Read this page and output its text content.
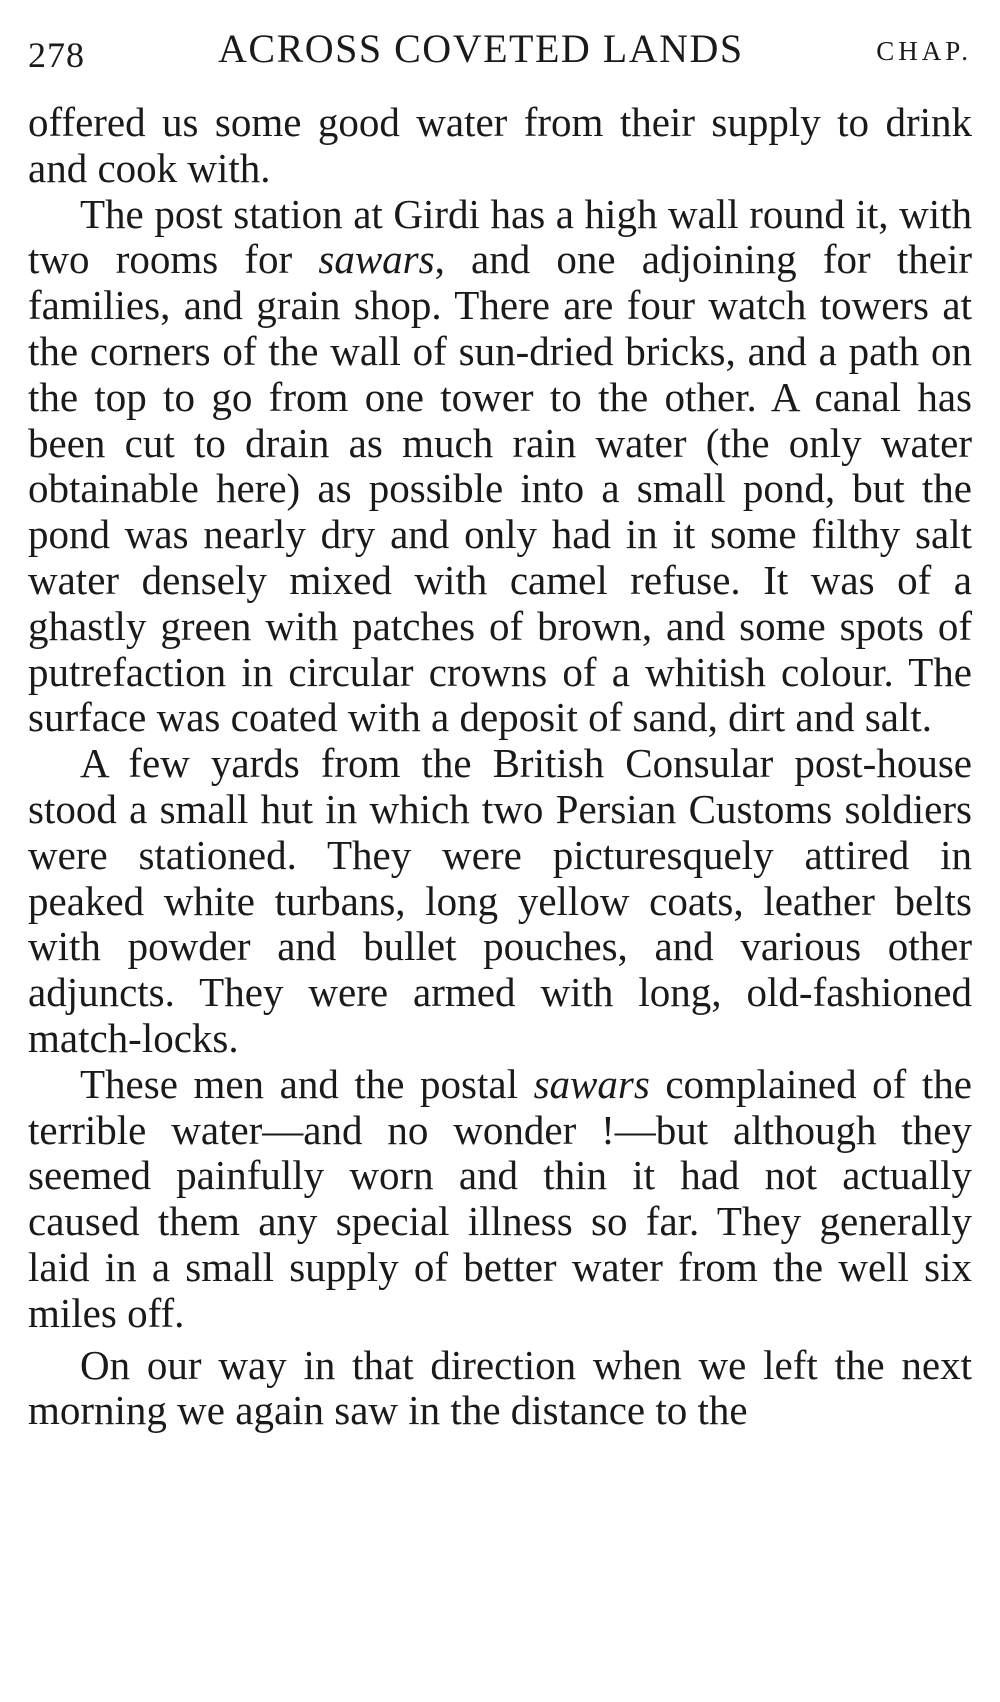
278	ACROSS COVETED LANDS	CHAP.

offered us some good water from their supply to drink and cook with.

The post station at Girdi has a high wall round it, with two rooms for sawars, and one adjoining for their families, and grain shop. There are four watch towers at the corners of the wall of sun-dried bricks, and a path on the top to go from one tower to the other. A canal has been cut to drain as much rain water (the only water obtainable here) as possible into a small pond, but the pond was nearly dry and only had in it some filthy salt water densely mixed with camel refuse. It was of a ghastly green with patches of brown, and some spots of putrefaction in circular crowns of a whitish colour. The surface was coated with a deposit of sand, dirt and salt.

A few yards from the British Consular post-house stood a small hut in which two Persian Customs soldiers were stationed. They were picturesquely attired in peaked white turbans, long yellow coats, leather belts with powder and bullet pouches, and various other adjuncts. They were armed with long, old-fashioned match-locks.

These men and the postal sawars complained of the terrible water—and no wonder !—but although they seemed painfully worn and thin it had not actually caused them any special illness so far. They generally laid in a small supply of better water from the well six miles off.

On our way in that direction when we left the next morning we again saw in the distance to the
